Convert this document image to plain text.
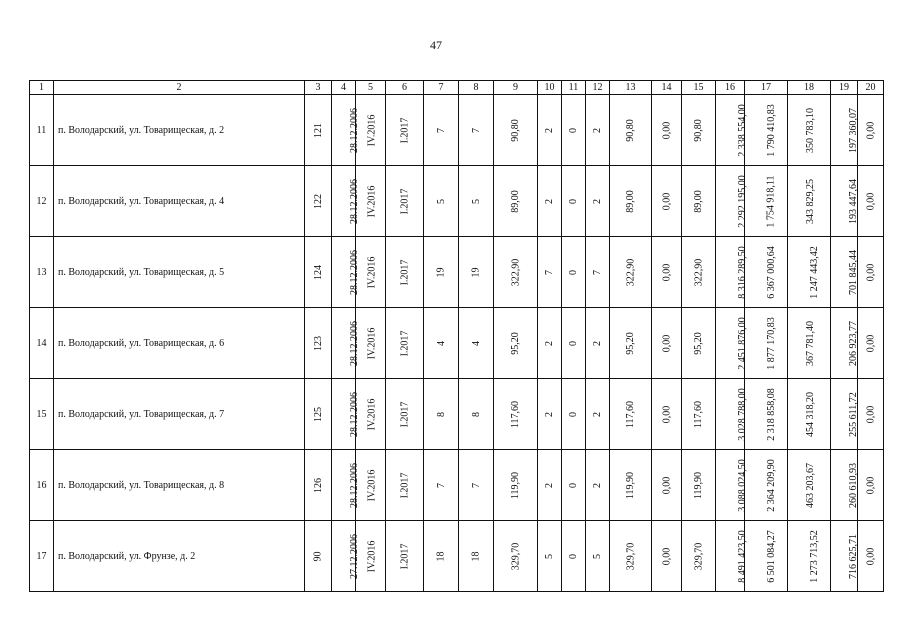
47
1	2	3	4	5	6	7	8	9	10	11	12	13	14	15	16	17	18	19	20
11	п. Володарский, ул. Товарищеская, д. 2	121	28.12.2006	IV.2016	I.2017	7	7	90,80	2	0	2	90,80	0,00	90,80	2 338 554,00	1 790 410,83	350 783,10	197 360,07	0,00
12	п. Володарский, ул. Товарищеская, д. 4	122	28.12.2006	IV.2016	I.2017	5	5	89,00	2	0	2	89,00	0,00	89,00	2 292 195,00	1 754 918,11	343 829,25	193 447,64	0,00
13	п. Володарский, ул. Товарищеская, д. 5	124	28.12.2006	IV.2016	I.2017	19	19	322,90	7	0	7	322,90	0,00	322,90	8 316 289,50	6 367 000,64	1 247 443,42	701 845,44	0,00
14	п. Володарский, ул. Товарищеская, д. 6	123	28.12.2006	IV.2016	I.2017	4	4	95,20	2	0	2	95,20	0,00	95,20	2 451 876,00	1 877 170,83	367 781,40	206 923,77	0,00
15	п. Володарский, ул. Товарищеская, д. 7	125	28.12.2006	IV.2016	I.2017	8	8	117,60	2	0	2	117,60	0,00	117,60	3 028 788,00	2 318 858,08	454 318,20	255 611,72	0,00
16	п. Володарский, ул. Товарищеская, д. 8	126	28.12.2006	IV.2016	I.2017	7	7	119,90	2	0	2	119,90	0,00	119,90	3 088 024,50	2 364 209,90	463 203,67	260 610,93	0,00
17	п. Володарский, ул. Фрунзе, д. 2	90	27.12.2006	IV.2016	I.2017	18	18	329,70	5	0	5	329,70	0,00	329,70	8 491 423,50	6 501 084,27	1 273 713,52	716 625,71	0,00
